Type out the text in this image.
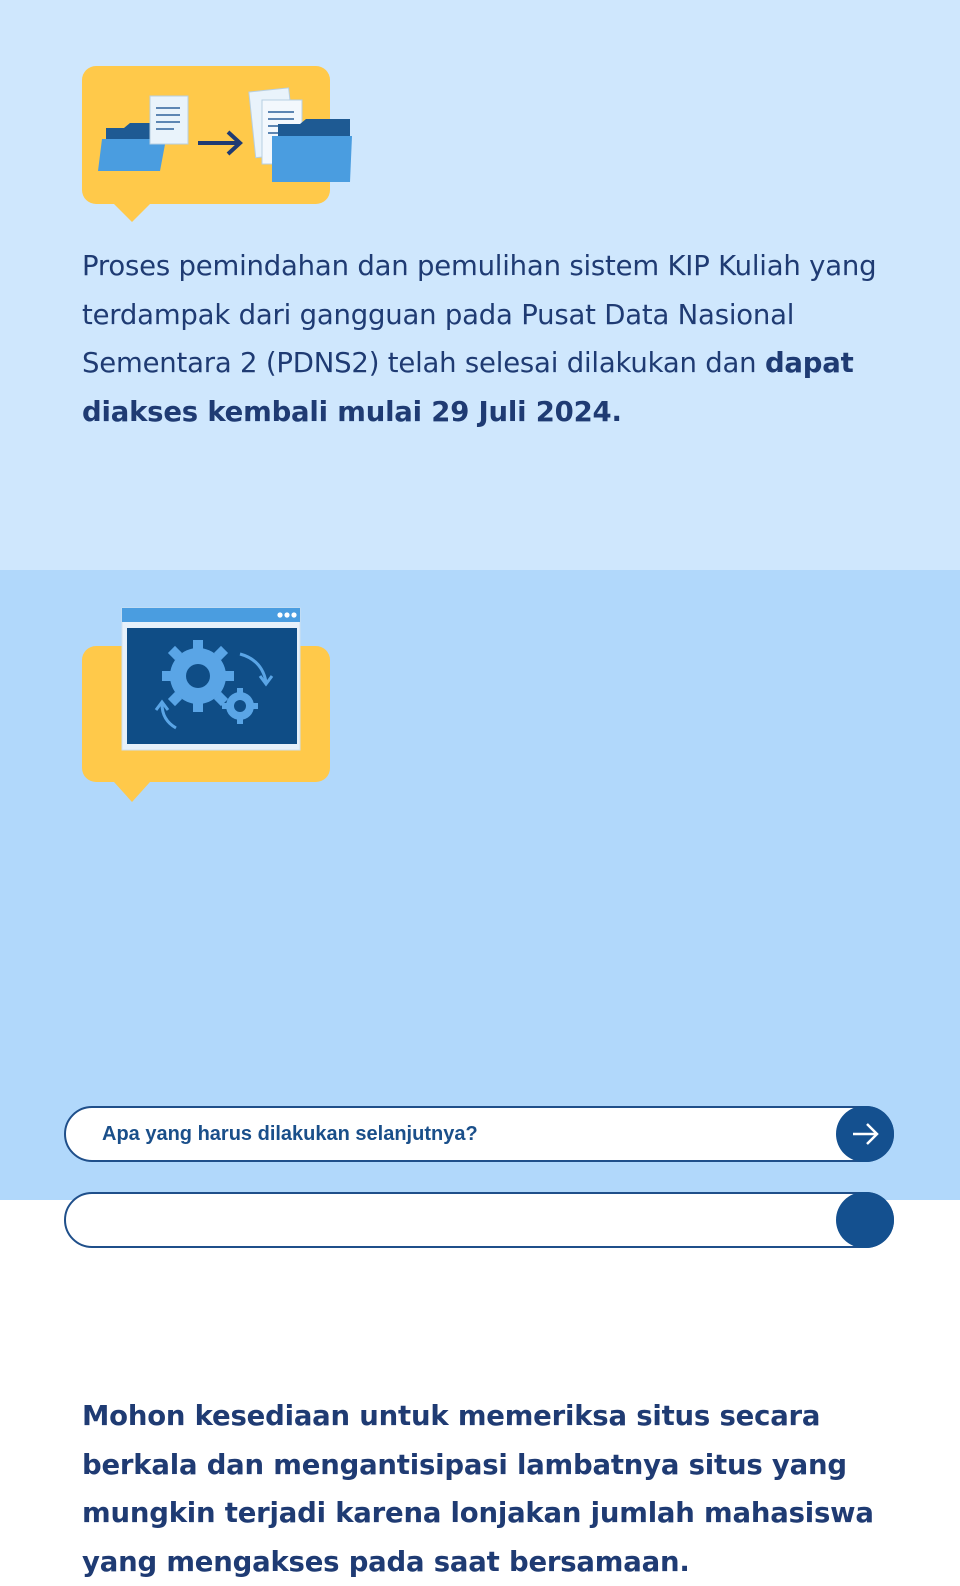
Proses pemindahan dan pemulihan sistem KIP Kuliah yang terdampak dari gangguan pada Pusat Data Nasional Sementara 2 (PDNS2) telah selesai dilakukan dan dapat diakses kembali mulai 29 Juli 2024.

Mohon kesediaan untuk memeriksa situs secara berkala dan mengantisipasi lambatnya situs yang mungkin terjadi karena lonjakan jumlah mahasiswa yang mengakses pada saat bersamaan.

Apa yang harus dilakukan selanjutnya?
